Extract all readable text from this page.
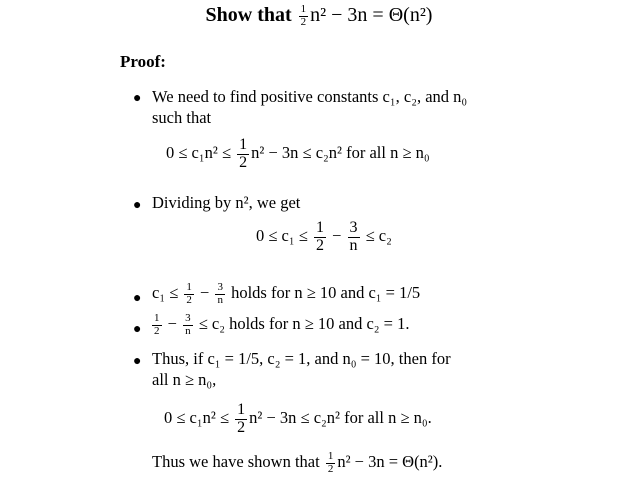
Show that $\frac{1}{2} n^2 - 3n = \Theta(n^2)$
Proof:
● We need to find positive constants c₁, c₂, and n₀
such that
$0 \le c_1n^2 \le \frac{1}{2} n^2 - 3n \le c_2n^2$ for all n ≥ n₀
● Dividing by n², we get
$0 \le c_1 \le \frac{1}{2} - \frac{3}{n} \le c_2$
● $c_1 \le \frac{1}{2} - \frac{3}{n}$ holds for n ≥ 10 and c₁ = 1/5
● $\frac{1}{2} - \frac{3}{n} \le c_2$ holds for n ≥ 10 and c₂ = 1.
● Thus, if c₁ = 1/5, c₂ = 1, and n₀ = 10, then for
all n ≥ n₀,
$0 \le c_1n^2 \le \frac{1}{2} n^2 - 3n \le c_2n^2$ for all n ≥ n₀.
Thus we have shown that $\frac{1}{2} n^2 - 3n = \Theta(n^2)$.
